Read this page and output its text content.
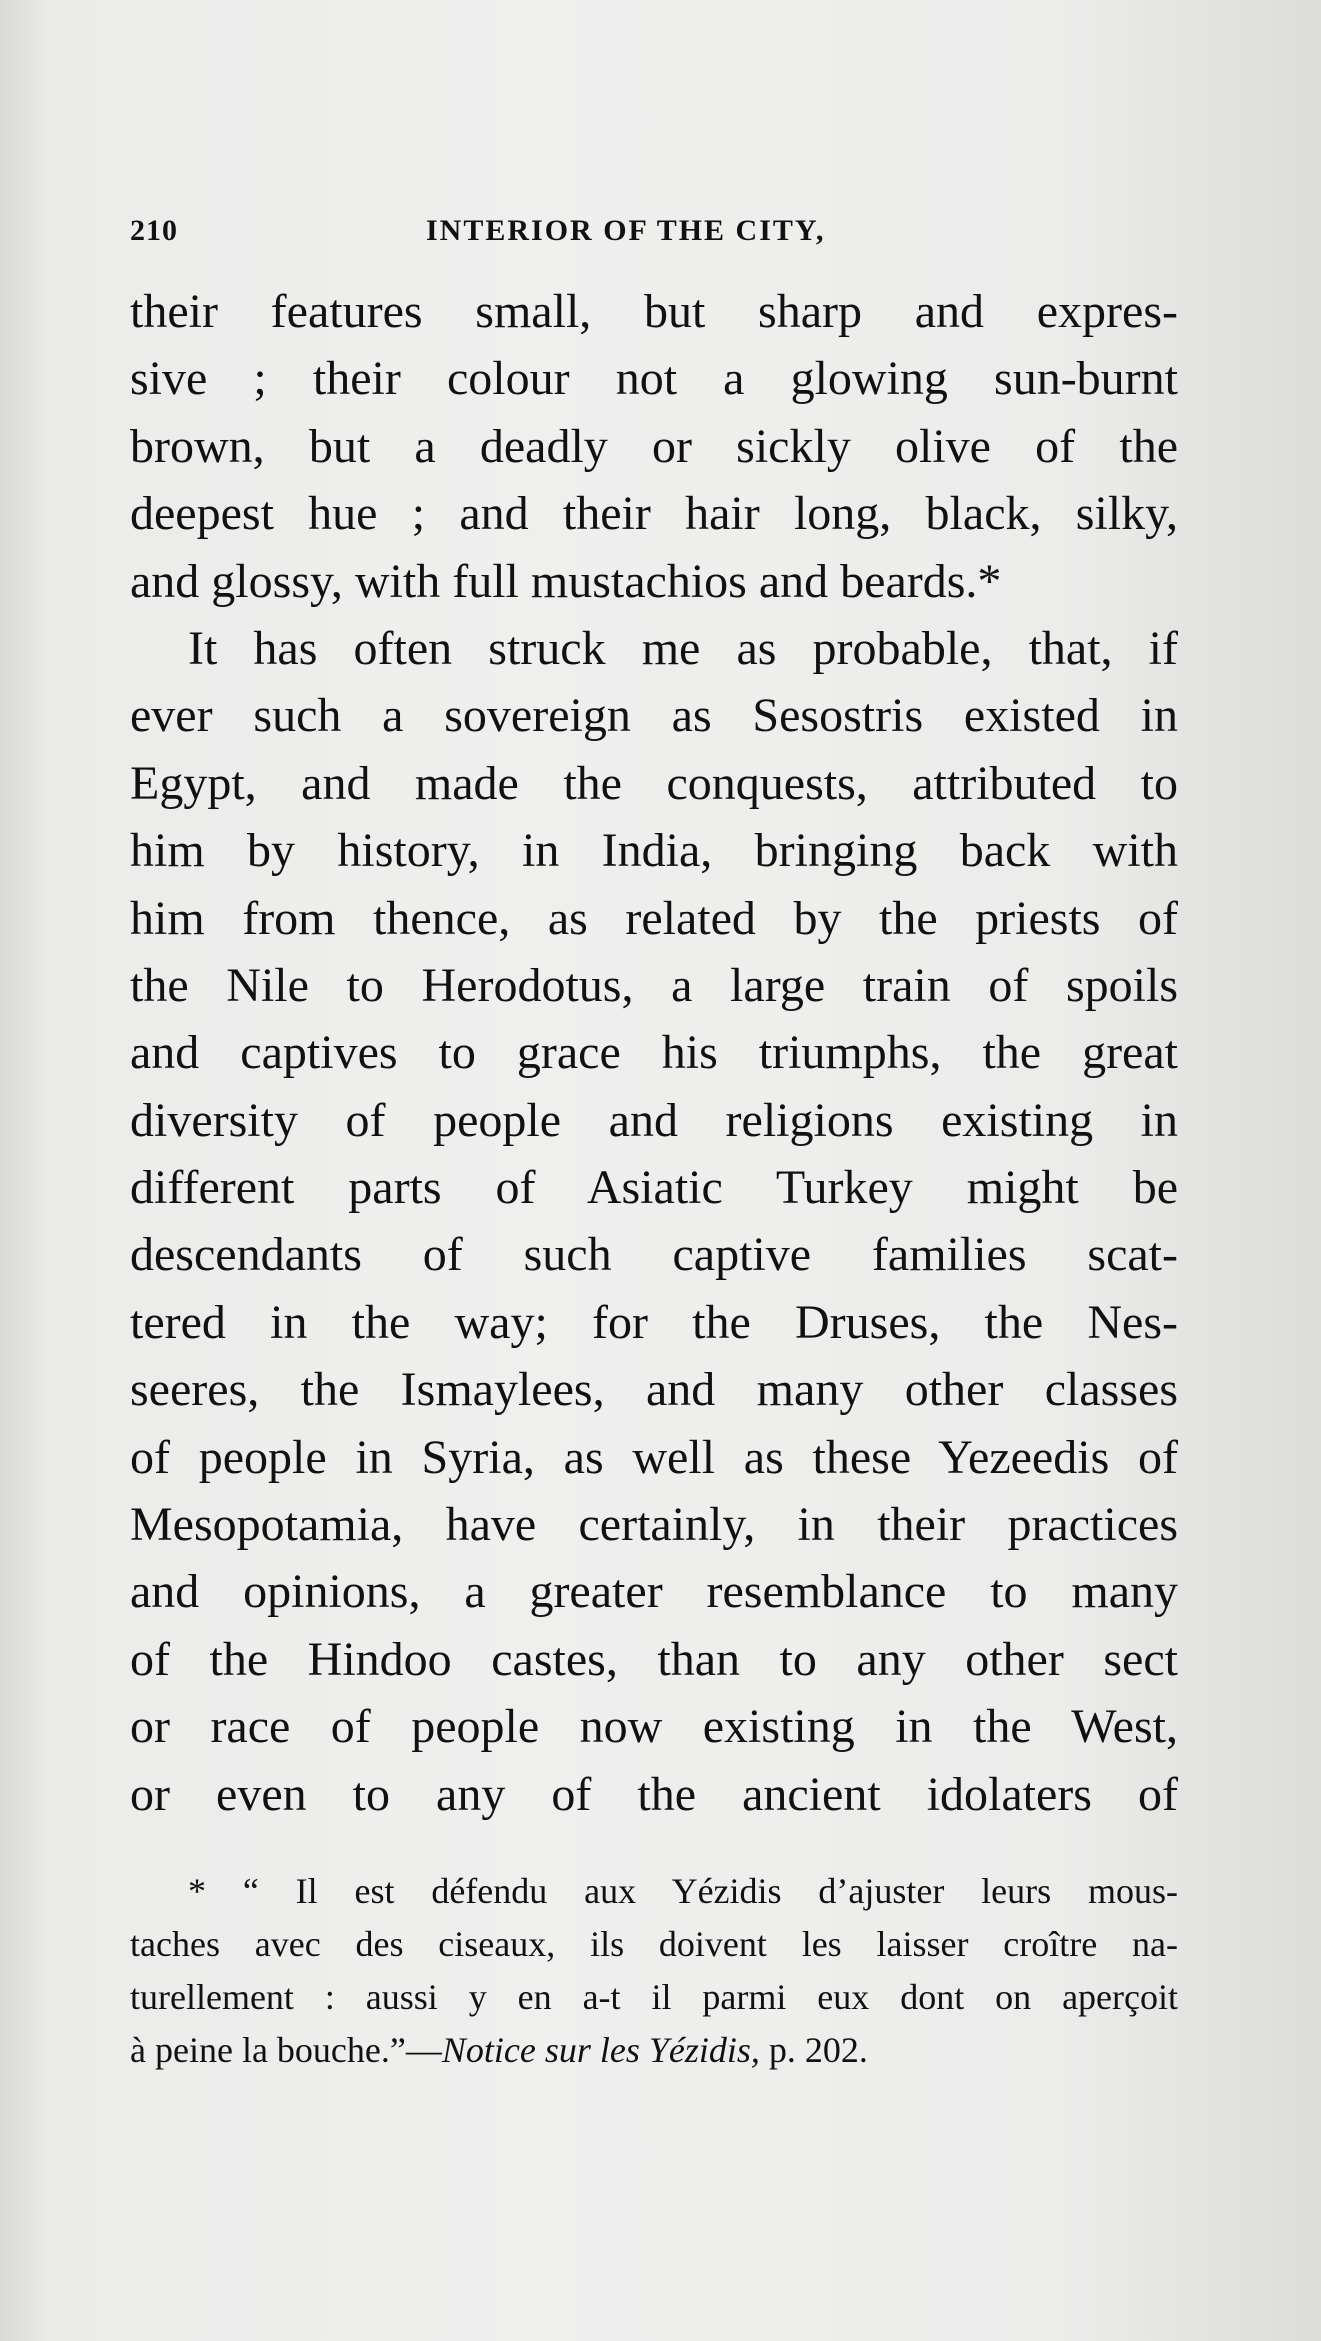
210	INTERIOR OF THE CITY,
their features small, but sharp and expres-
sive ; their colour not a glowing sun-burnt
brown, but a deadly or sickly olive of the
deepest hue ; and their hair long, black, silky,
and glossy, with full mustachios and beards.*
It has often struck me as probable, that, if
ever such a sovereign as Sesostris existed in
Egypt, and made the conquests, attributed to
him by history, in India, bringing back with
him from thence, as related by the priests of
the Nile to Herodotus, a large train of spoils
and captives to grace his triumphs, the great
diversity of people and religions existing in
different parts of Asiatic Turkey might be
descendants of such captive families scat-
tered in the way; for the Druses, the Nes-
seeres, the Ismaylees, and many other classes
of people in Syria, as well as these Yezeedis of
Mesopotamia, have certainly, in their practices
and opinions, a greater resemblance to many
of the Hindoo castes, than to any other sect
or race of people now existing in the West,
or even to any of the ancient idolaters of
* “ Il est défendu aux Yézidis d’ajuster leurs mous-
taches avec des ciseaux, ils doivent les laisser croître na-
turellement : aussi y en a-t il parmi eux dont on aperçoit
à peine la bouche.”—Notice sur les Yézidis, p. 202.
